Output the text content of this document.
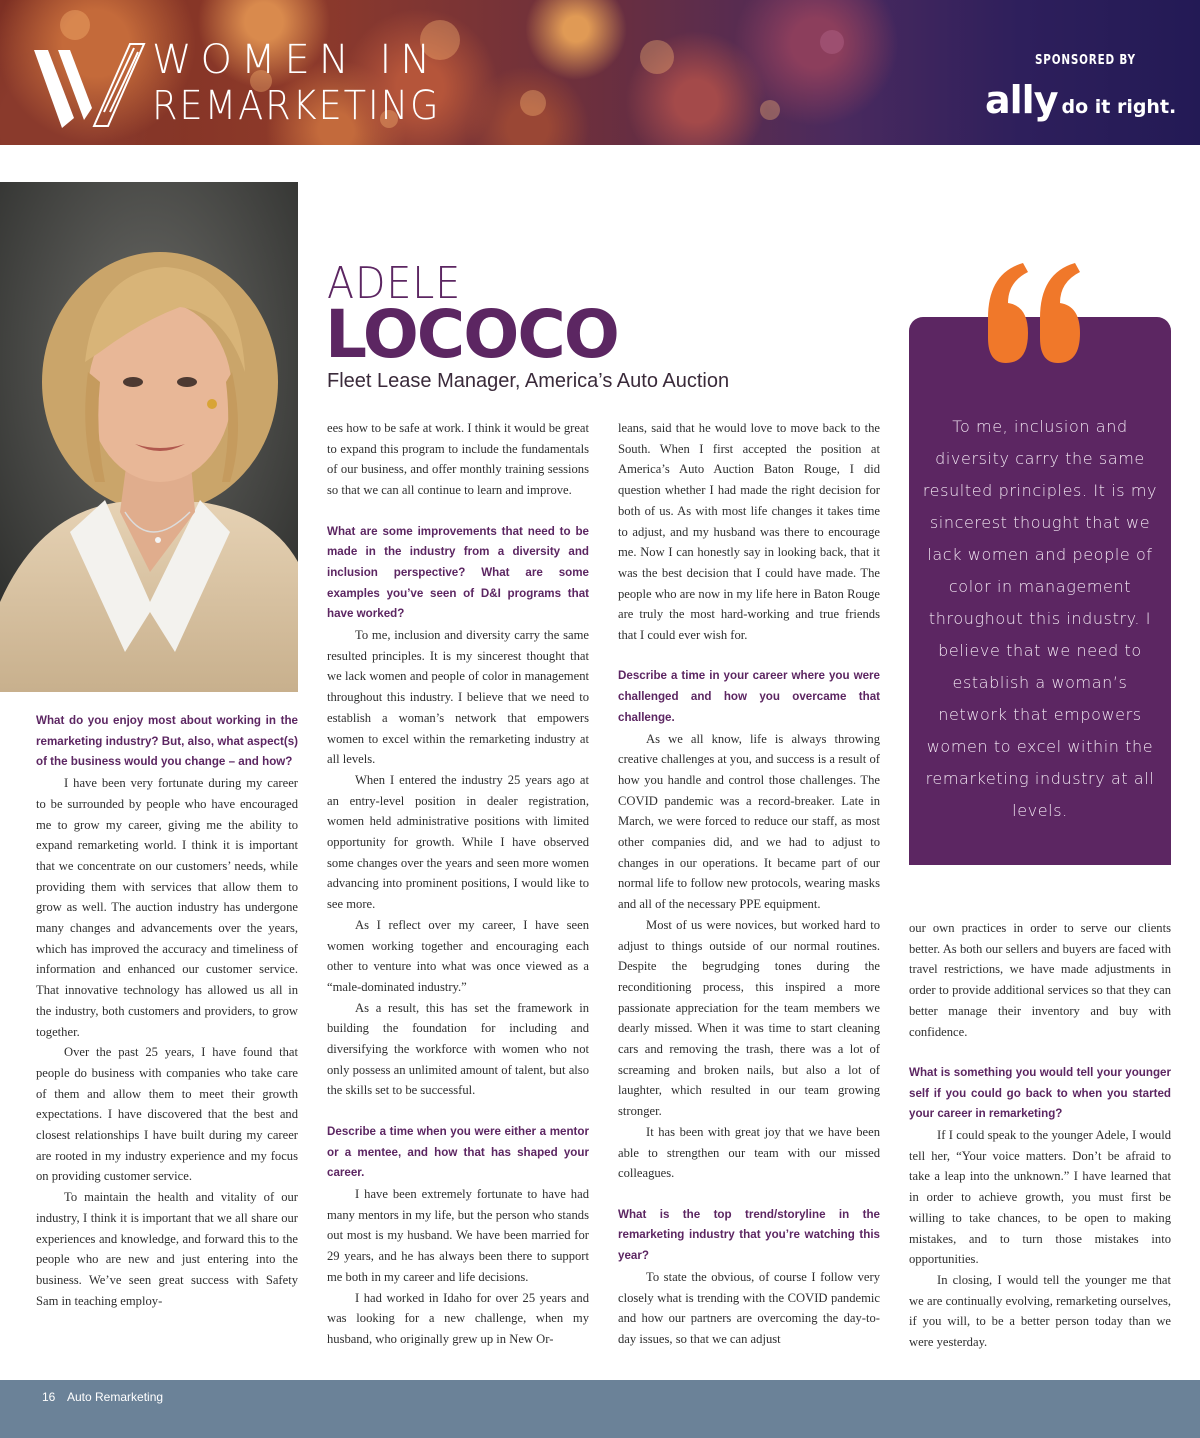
WOMEN IN
REMARKETING
SPONSORED BY
ally do it right.
ADELE
LOCOCO
Fleet Lease Manager, America’s Auto Auction

What do you enjoy most about working in the remarketing industry? But, also, what aspect(s) of the business would you change – and how?

I have been very fortunate during my career to be surrounded by people who have encouraged me to grow my career, giving me the ability to expand remarketing world. I think it is important that we concentrate on our customers’ needs, while providing them with services that allow them to grow as well. The auction industry has undergone many changes and advancements over the years, which has improved the accuracy and timeliness of information and enhanced our customer service. That innovative technology has allowed us all in the industry, both customers and providers, to grow together.

Over the past 25 years, I have found that people do business with companies who take care of them and allow them to meet their growth expectations. I have discovered that the best and closest relationships I have built during my career are rooted in my industry experience and my focus on providing customer service.

To maintain the health and vitality of our industry, I think it is important that we all share our experiences and knowledge, and forward this to the people who are new and just entering into the business. We’ve seen great success with Safety Sam in teaching employ-

ees how to be safe at work. I think it would be great to expand this program to include the fundamentals of our business, and offer monthly training sessions so that we can all continue to learn and improve.

What are some improvements that need to be made in the industry from a diversity and inclusion perspective? What are some examples you’ve seen of D&I programs that have worked?

To me, inclusion and diversity carry the same resulted principles. It is my sincerest thought that we lack women and people of color in management throughout this industry. I believe that we need to establish a woman’s network that empowers women to excel within the remarketing industry at all levels.

When I entered the industry 25 years ago at an entry-level position in dealer registration, women held administrative positions with limited opportunity for growth. While I have observed some changes over the years and seen more women advancing into prominent positions, I would like to see more.

As I reflect over my career, I have seen women working together and encouraging each other to venture into what was once viewed as a “male-dominated industry.”

As a result, this has set the framework in building the foundation for including and diversifying the workforce with women who not only possess an unlimited amount of talent, but also the skills set to be successful.

Describe a time when you were either a mentor or a mentee, and how that has shaped your career.

I have been extremely fortunate to have had many mentors in my life, but the person who stands out most is my husband. We have been married for 29 years, and he has always been there to support me both in my career and life decisions.

I had worked in Idaho for over 25 years and was looking for a new challenge, when my husband, who originally grew up in New Or-

leans, said that he would love to move back to the South. When I first accepted the position at America’s Auto Auction Baton Rouge, I did question whether I had made the right decision for both of us. As with most life changes it takes time to adjust, and my husband was there to encourage me. Now I can honestly say in looking back, that it was the best decision that I could have made. The people who are now in my life here in Baton Rouge are truly the most hard-working and true friends that I could ever wish for.

Describe a time in your career where you were challenged and how you overcame that challenge.

As we all know, life is always throwing creative challenges at you, and success is a result of how you handle and control those challenges. The COVID pandemic was a record-breaker. Late in March, we were forced to reduce our staff, as most other companies did, and we had to adjust to changes in our operations. It became part of our normal life to follow new protocols, wearing masks and all of the necessary PPE equipment.

Most of us were novices, but worked hard to adjust to things outside of our normal routines. Despite the begrudging tones during the reconditioning process, this inspired a more passionate appreciation for the team members we dearly missed. When it was time to start cleaning cars and removing the trash, there was a lot of screaming and broken nails, but also a lot of laughter, which resulted in our team growing stronger.

It has been with great joy that we have been able to strengthen our team with our missed colleagues.

What is the top trend/storyline in the remarketing industry that you’re watching this year?

To state the obvious, of course I follow very closely what is trending with the COVID pandemic and how our partners are overcoming the day-to-day issues, so that we can adjust

To me, inclusion and diversity carry the same resulted principles. It is my sincerest thought that we lack women and people of color in management throughout this industry. I believe that we need to establish a woman’s network that empowers women to excel within the remarketing industry at all levels.

our own practices in order to serve our clients better. As both our sellers and buyers are faced with travel restrictions, we have made adjustments in order to provide additional services so that they can better manage their inventory and buy with confidence.

What is something you would tell your younger self if you could go back to when you started your career in remarketing?

If I could speak to the younger Adele, I would tell her, “Your voice matters. Don’t be afraid to take a leap into the unknown.” I have learned that in order to achieve growth, you must first be willing to take chances, to be open to making mistakes, and to turn those mistakes into opportunities.

In closing, I would tell the younger me that we are continually evolving, remarketing ourselves, if you will, to be a better person today than we were yesterday.

16 Auto Remarketing
